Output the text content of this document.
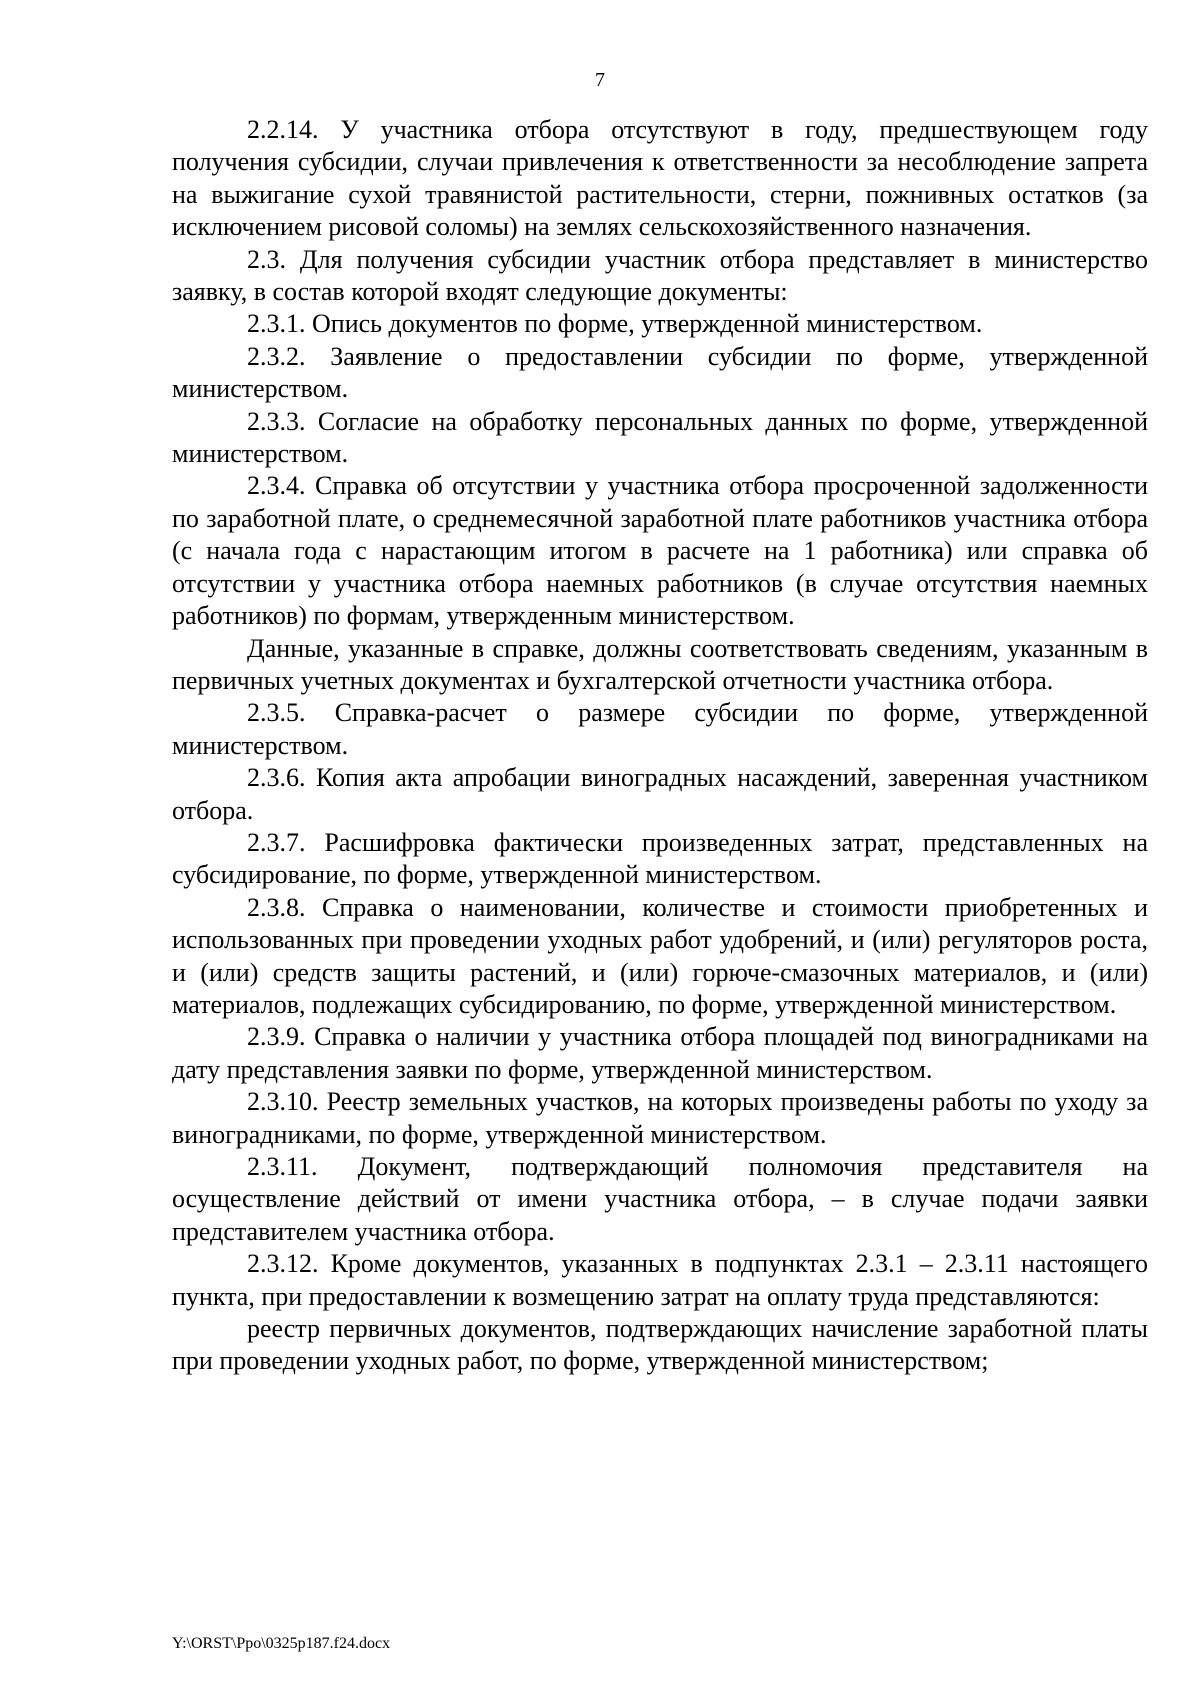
7

2.2.14. У участника отбора отсутствуют в году, предшествующем году получения субсидии, случаи привлечения к ответственности за несоблюдение запрета на выжигание сухой травянистой растительности, стерни, пожнивных остатков (за исключением рисовой соломы) на землях сельскохозяйственного назначения.

2.3. Для получения субсидии участник отбора представляет в министерство заявку, в состав которой входят следующие документы:

2.3.1. Опись документов по форме, утвержденной министерством.

2.3.2. Заявление о предоставлении субсидии по форме, утвержденной министерством.

2.3.3. Согласие на обработку персональных данных по форме, утвержденной министерством.

2.3.4. Справка об отсутствии у участника отбора просроченной задолженности по заработной плате, о среднемесячной заработной плате работников участника отбора (с начала года с нарастающим итогом в расчете на 1 работника) или справка об отсутствии у участника отбора наемных работников (в случае отсутствия наемных работников) по формам, утвержденным министерством.

Данные, указанные в справке, должны соответствовать сведениям, указанным в первичных учетных документах и бухгалтерской отчетности участника отбора.

2.3.5. Справка-расчет о размере субсидии по форме, утвержденной министерством.

2.3.6. Копия акта апробации виноградных насаждений, заверенная участником отбора.

2.3.7. Расшифровка фактически произведенных затрат, представленных на субсидирование, по форме, утвержденной министерством.

2.3.8. Справка о наименовании, количестве и стоимости приобретенных и использованных при проведении уходных работ удобрений, и (или) регуляторов роста, и (или) средств защиты растений, и (или) горюче-смазочных материалов, и (или) материалов, подлежащих субсидированию, по форме, утвержденной министерством.

2.3.9. Справка о наличии у участника отбора площадей под виноградниками на дату представления заявки по форме, утвержденной министерством.

2.3.10. Реестр земельных участков, на которых произведены работы по уходу за виноградниками, по форме, утвержденной министерством.

2.3.11. Документ, подтверждающий полномочия представителя на осуществление действий от имени участника отбора, – в случае подачи заявки представителем участника отбора.

2.3.12. Кроме документов, указанных в подпунктах 2.3.1 – 2.3.11 настоящего пункта, при предоставлении к возмещению затрат на оплату труда представляются:

реестр первичных документов, подтверждающих начисление заработной платы при проведении уходных работ, по форме, утвержденной министерством;

Y:\ORST\Ppo\0325p187.f24.docx
